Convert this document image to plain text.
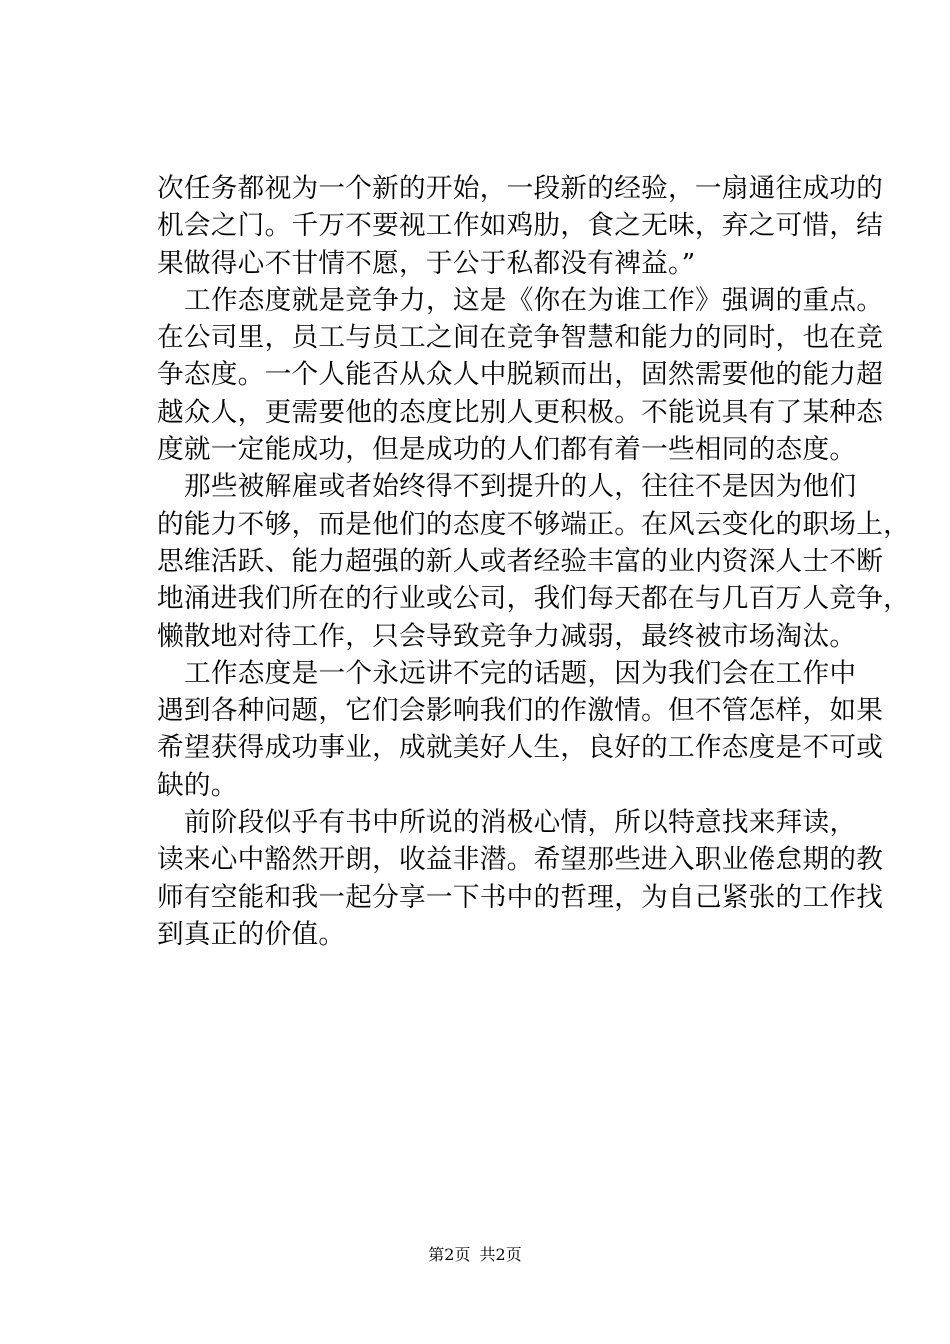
次任务都视为一个新的开始，一段新的经验，一扇通往成功的
机会之门。千万不要视工作如鸡肋，食之无味，弃之可惜，结
果做得心不甘情不愿，于公于私都没有裨益。”
工作态度就是竞争力，这是《你在为谁工作》强调的重点。
在公司里，员工与员工之间在竞争智慧和能力的同时，也在竞
争态度。一个人能否从众人中脱颖而出，固然需要他的能力超
越众人，更需要他的态度比别人更积极。不能说具有了某种态
度就一定能成功，但是成功的人们都有着一些相同的态度。
那些被解雇或者始终得不到提升的人，往往不是因为他们
的能力不够，而是他们的态度不够端正。在风云变化的职场上，
思维活跃、能力超强的新人或者经验丰富的业内资深人士不断
地涌进我们所在的行业或公司，我们每天都在与几百万人竞争，
懒散地对待工作，只会导致竞争力减弱，最终被市场淘汰。
工作态度是一个永远讲不完的话题，因为我们会在工作中
遇到各种问题，它们会影响我们的作激情。但不管怎样，如果
希望获得成功事业，成就美好人生，良好的工作态度是不可或
缺的。
前阶段似乎有书中所说的消极心情，所以特意找来拜读，
读来心中豁然开朗，收益非潜。希望那些进入职业倦怠期的教
师有空能和我一起分享一下书中的哲理，为自己紧张的工作找
到真正的价值。
第2页 共2页
